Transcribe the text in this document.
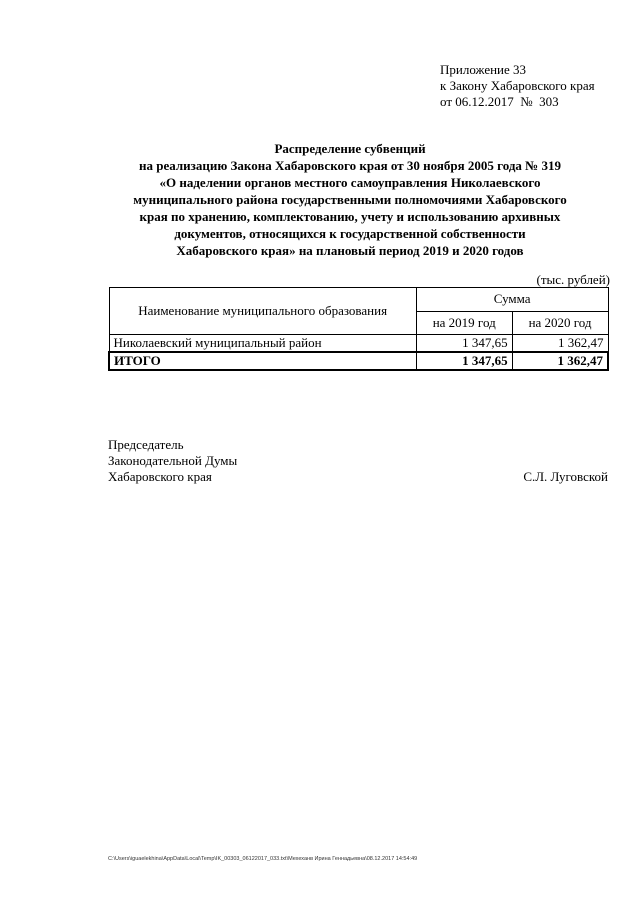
Приложение 33
к Закону Хабаровского края
от 06.12.2017  №  303
Распределение субвенций
на реализацию Закона Хабаровского края от 30 ноября 2005 года № 319
«О наделении органов местного самоуправления Николаевского
муниципального района государственными полномочиями Хабаровского
края по хранению, комплектованию, учету и использованию архивных
документов, относящихся к государственной собственности
Хабаровского края» на плановый период 2019 и 2020 годов
(тыс. рублей)
Наименование муниципального образования	Сумма	
	на 2019 год	на 2020 год
Николаевский муниципальный район	1 347,65	1 362,47
ИТОГО	1 347,65	1 362,47
Председатель
Законодательной Думы
Хабаровского края	С.Л. Луговской
C:\Users\iguaelekhina\AppData\Local\Temp\IK_00303_06122017_033.txt\Мехеханв Ирина Геннадьевна\08.12.2017 14:54:49
